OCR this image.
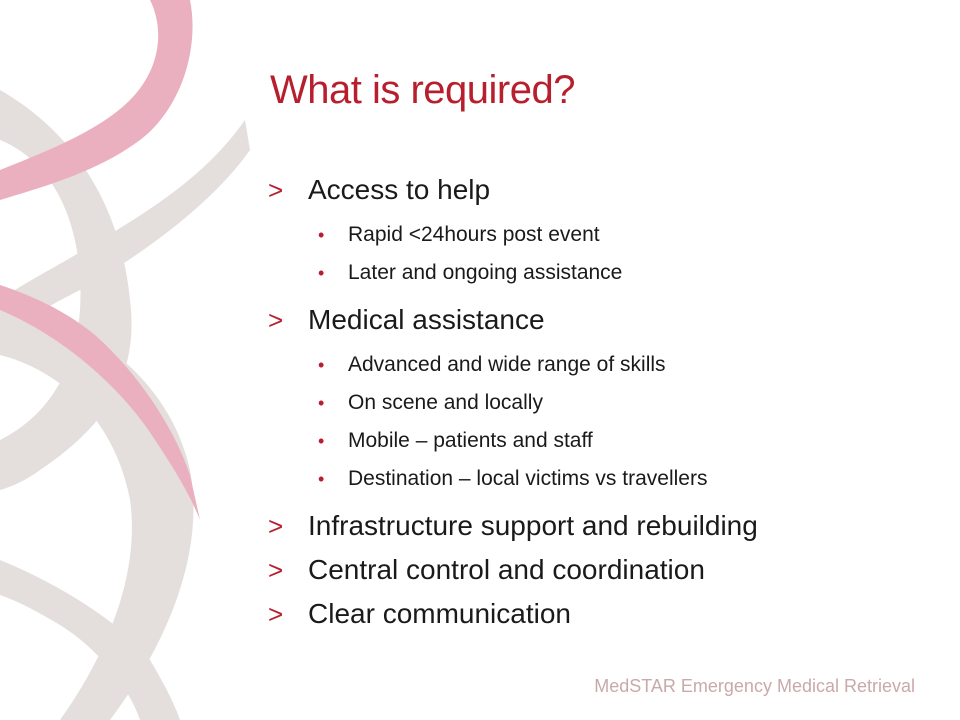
What is required?
> Access to help
• Rapid <24hours post event
• Later and ongoing assistance
> Medical assistance
• Advanced and wide range of skills
• On scene and locally
• Mobile – patients and staff
• Destination – local victims vs travellers
> Infrastructure support and rebuilding
> Central control and coordination
> Clear communication
MedSTAR Emergency Medical Retrieval
